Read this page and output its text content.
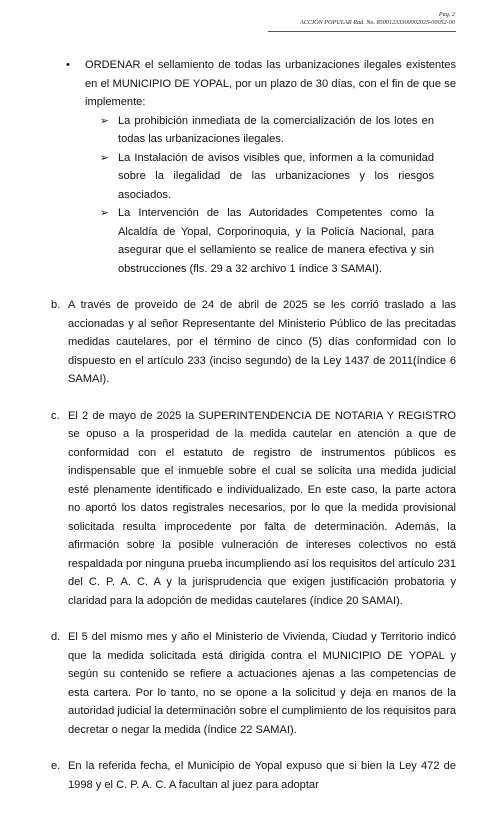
Pag. 2
ACCIÓN POPULAR Rad. No. 85001233300002025-00052-00
• ORDENAR el sellamiento de todas las urbanizaciones ilegales existentes en el MUNICIPIO DE YOPAL, por un plazo de 30 días, con el fin de que se implemente:

➢ La prohibición inmediata de la comercialización de los lotes en todas las urbanizaciones ilegales.

➢ La Instalación de avisos visibles que, informen a la comunidad sobre la ilegalidad de las urbanizaciones y los riesgos asociados.

➢ La Intervención de las Autoridades Competentes como la Alcaldía de Yopal, Corporinoquia, y la Policía Nacional, para asegurar que el sellamiento se realice de manera efectiva y sin obstrucciones (fls. 29 a 32 archivo 1 índice 3 SAMAI).

b. A través de proveído de 24 de abril de 2025 se les corrió traslado a las accionadas y al señor Representante del Ministerio Público de las precitadas medidas cautelares, por el término de cinco (5) días conformidad con lo dispuesto en el artículo 233 (inciso segundo) de la Ley 1437 de 2011(índice 6 SAMAI).

c. El 2 de mayo de 2025 la SUPERINTENDENCIA DE NOTARIA Y REGISTRO se opuso a la prosperidad de la medida cautelar en atención a que de conformidad con el estatuto de registro de instrumentos públicos es indispensable que el inmueble sobre el cual se solicita una medida judicial esté plenamente identificado e individualizado. En este caso, la parte actora no aportó los datos registrales necesarios, por lo que la medida provisional solicitada resulta improcedente por falta de determinación. Además, la afirmación sobre la posible vulneración de intereses colectivos no está respaldada por ninguna prueba incumpliendo así los requisitos del artículo 231 del C. P. A. C. A y la jurisprudencia que exigen justificación probatoria y claridad para la adopción de medidas cautelares (índice 20 SAMAI).

d. El 5 del mismo mes y año el Ministerio de Vivienda, Ciudad y Territorio indicó que la medida solicitada está dirigida contra el MUNICIPIO DE YOPAL y según su contenido se refiere a actuaciones ajenas a las competencias de esta cartera. Por lo tanto, no se opone a la solicitud y deja en manos de la autoridad judicial la determinación sobre el cumplimiento de los requisitos para decretar o negar la medida (índice 22 SAMAI).

e. En la referida fecha, el Municipio de Yopal expuso que si bien la Ley 472 de 1998 y el C. P. A. C. A facultan al juez para adoptar
